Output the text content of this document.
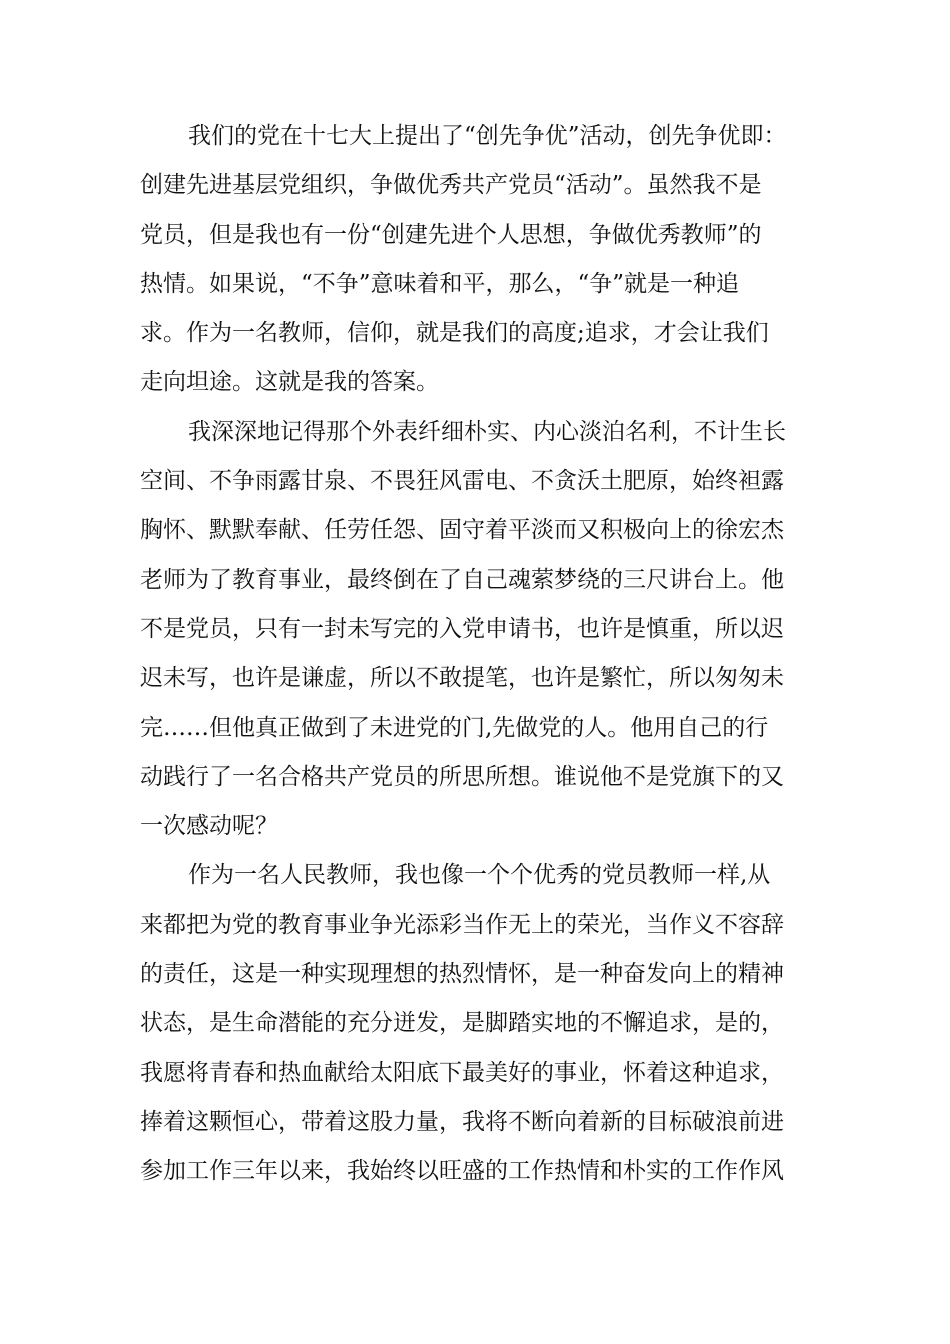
我们的党在十七大上提出了“创先争优”活动，创先争优即：
创建先进基层党组织，争做优秀共产党员“活动”。虽然我不是
党员，但是我也有一份“创建先进个人思想，争做优秀教师”的
热情。如果说，“不争”意味着和平，那么，“争”就是一种追
求。作为一名教师，信仰，就是我们的高度;追求，才会让我们
走向坦途。这就是我的答案。

我深深地记得那个外表纤细朴实、内心淡泊名利，不计生长
空间、不争雨露甘泉、不畏狂风雷电、不贪沃土肥原，始终袒露
胸怀、默默奉献、任劳任怨、固守着平淡而又积极向上的徐宏杰
老师为了教育事业，最终倒在了自己魂萦梦绕的三尺讲台上。他
不是党员，只有一封未写完的入党申请书，也许是慎重，所以迟
迟未写，也许是谦虚，所以不敢提笔，也许是繁忙，所以匆匆未
完……但他真正做到了未进党的门,先做党的人。他用自己的行
动践行了一名合格共产党员的所思所想。谁说他不是党旗下的又
一次感动呢？

作为一名人民教师，我也像一个个优秀的党员教师一样,从
来都把为党的教育事业争光添彩当作无上的荣光，当作义不容辞
的责任，这是一种实现理想的热烈情怀，是一种奋发向上的精神
状态，是生命潜能的充分迸发，是脚踏实地的不懈追求，是的，
我愿将青春和热血献给太阳底下最美好的事业，怀着这种追求，
捧着这颗恒心，带着这股力量，我将不断向着新的目标破浪前进
参加工作三年以来，我始终以旺盛的工作热情和朴实的工作作风
